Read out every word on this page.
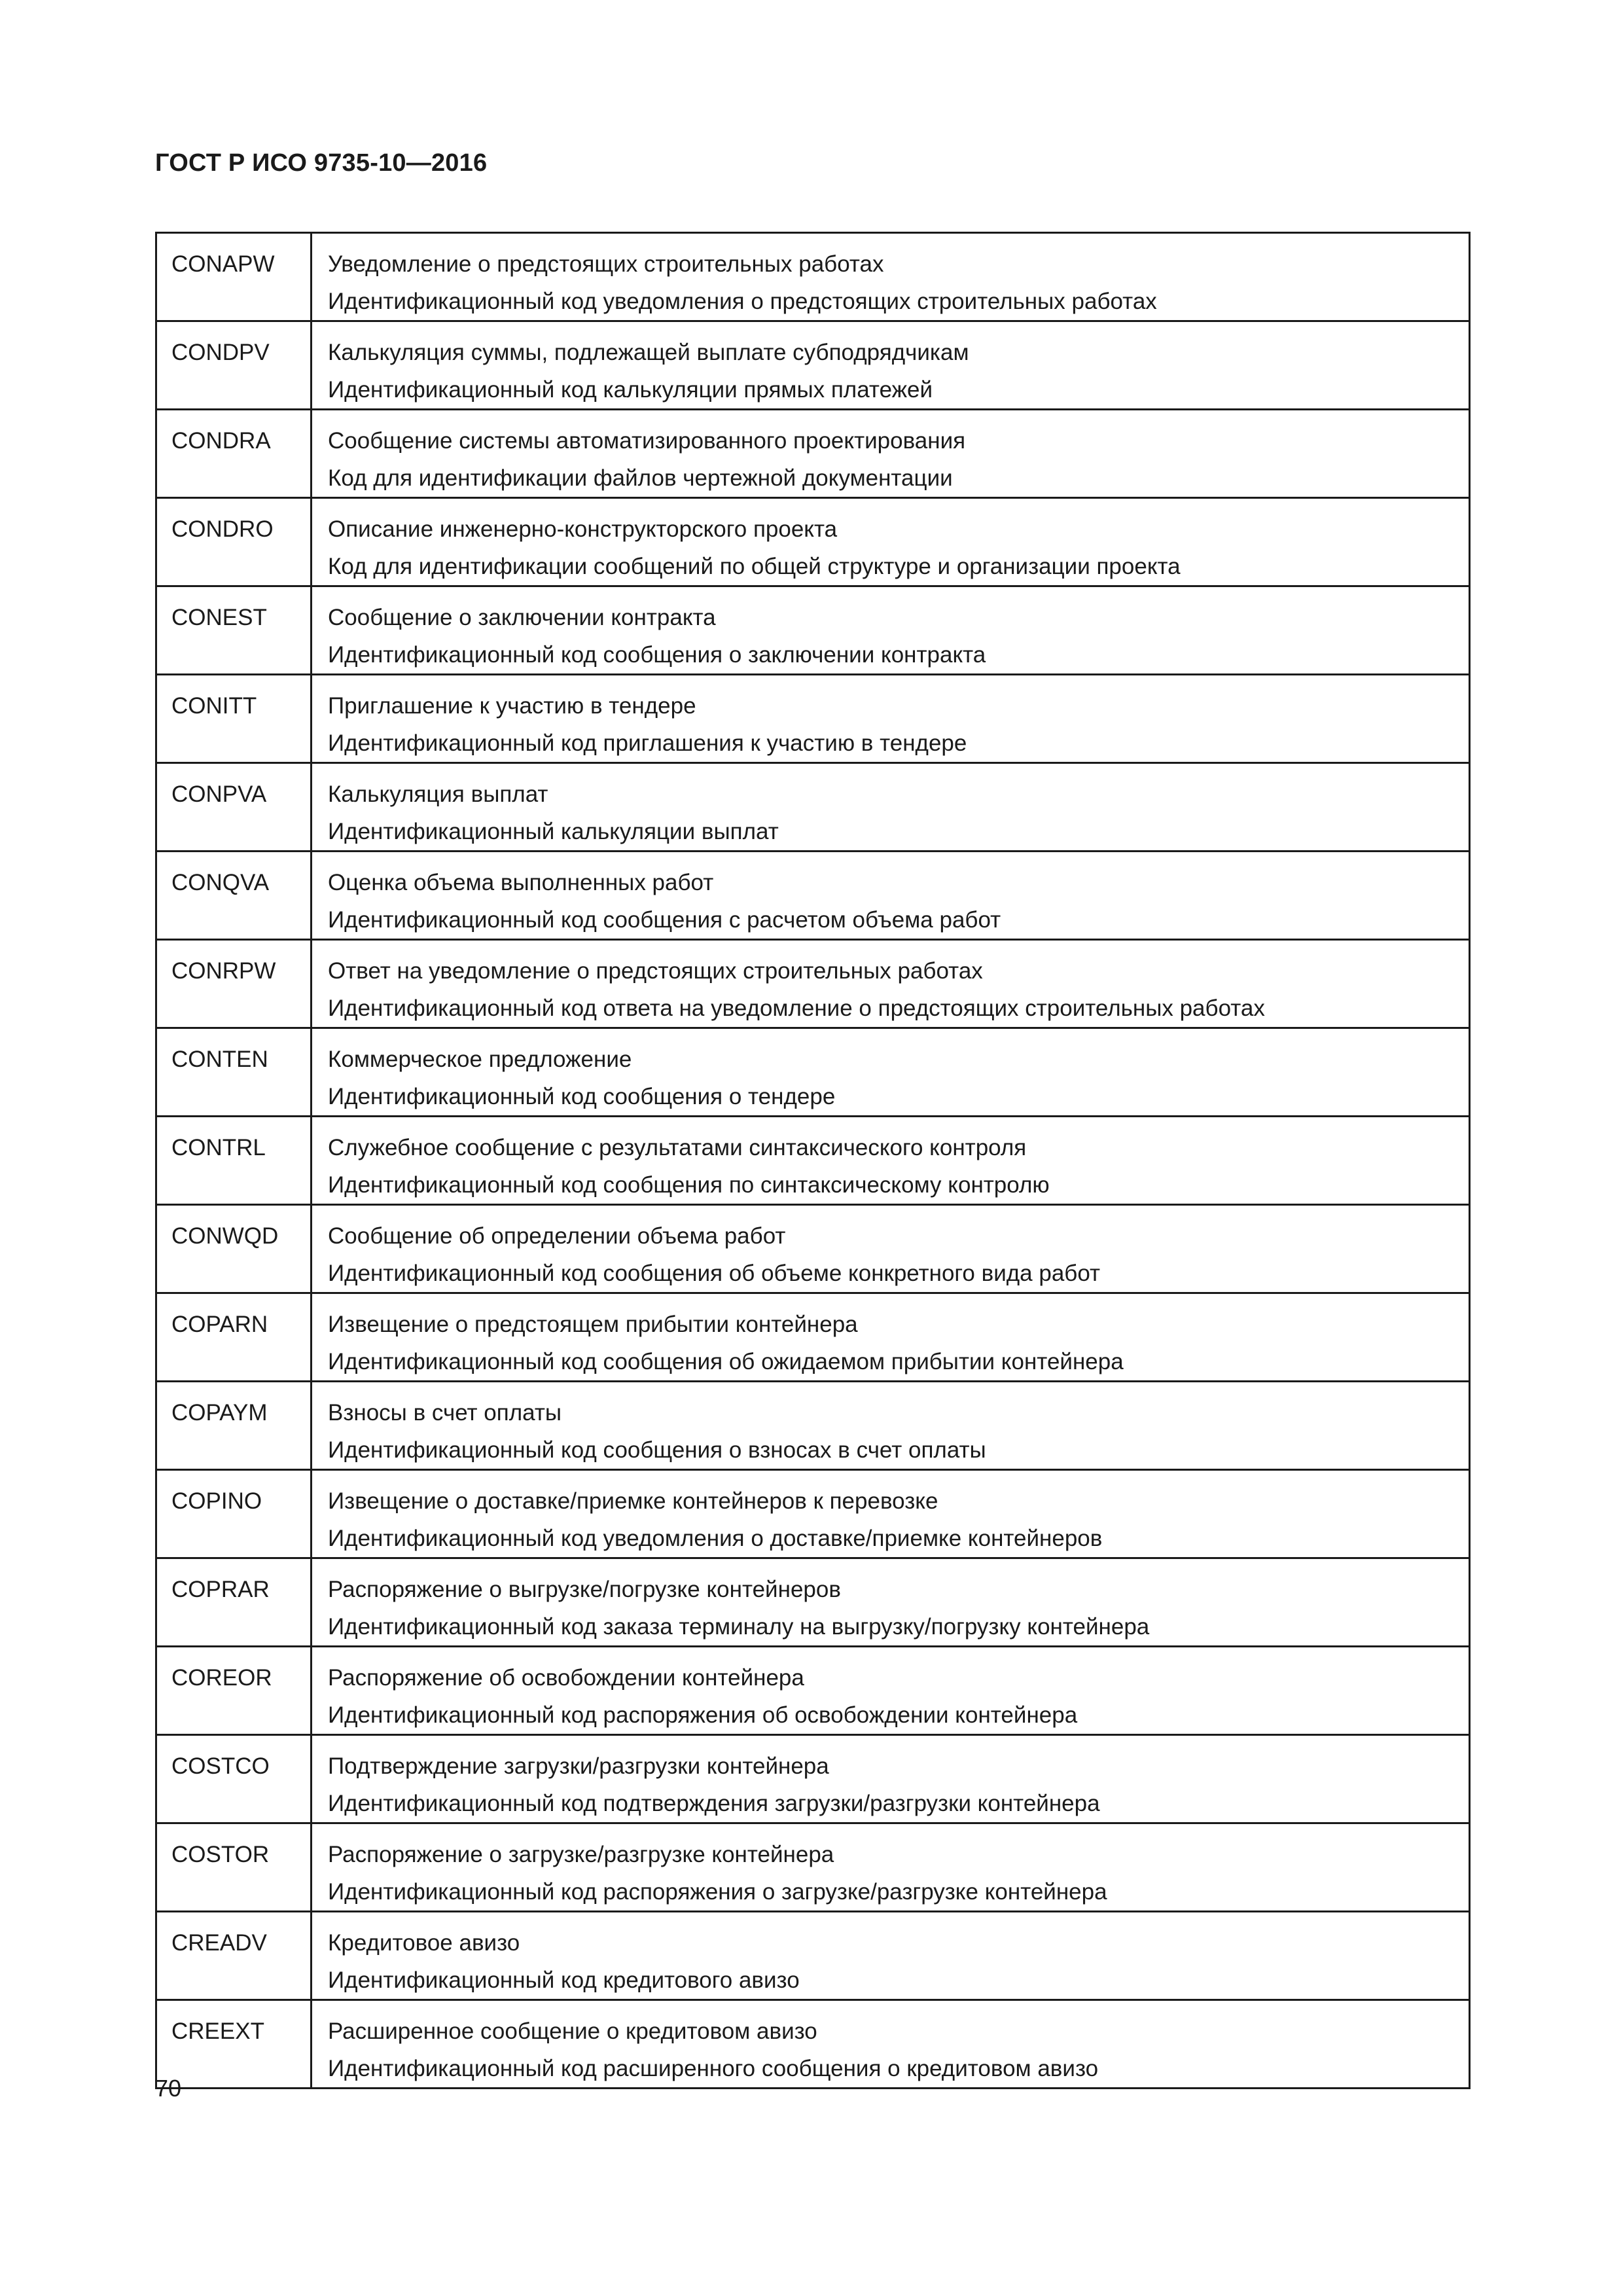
ГОСТ Р ИСО 9735-10—2016
CONAPW	Уведомление о предстоящих строительных работах
Идентификационный код уведомления о предстоящих строительных работах

CONDPV	Калькуляция суммы, подлежащей выплате субподрядчикам
Идентификационный код калькуляции прямых платежей

CONDRA	Сообщение системы автоматизированного проектирования
Код для идентификации файлов чертежной документации

CONDRO	Описание инженерно-конструкторского проекта
Код для идентификации сообщений по общей структуре и организации проекта

CONEST	Сообщение о заключении контракта
Идентификационный код сообщения о заключении контракта

CONITT	Приглашение к участию в тендере
Идентификационный код приглашения к участию в тендере

CONPVA	Калькуляция выплат
Идентификационный калькуляции выплат

CONQVA	Оценка объема выполненных работ
Идентификационный код сообщения с расчетом объема работ

CONRPW	Ответ на уведомление о предстоящих строительных работах
Идентификационный код ответа на уведомление о предстоящих строительных работах

CONTEN	Коммерческое предложение
Идентификационный код сообщения о тендере

CONTRL	Служебное сообщение с результатами синтаксического контроля
Идентификационный код сообщения по синтаксическому контролю

CONWQD	Сообщение об определении объема работ
Идентификационный код сообщения об объеме конкретного вида работ

COPARN	Извещение о предстоящем прибытии контейнера
Идентификационный код сообщения об ожидаемом прибытии контейнера

COPAYM	Взносы в счет оплаты
Идентификационный код сообщения о взносах в счет оплаты

COPINO	Извещение о доставке/приемке контейнеров к перевозке
Идентификационный код уведомления о доставке/приемке контейнеров

COPRAR	Распоряжение о выгрузке/погрузке контейнеров
Идентификационный код заказа терминалу на выгрузку/погрузку контейнера

COREOR	Распоряжение об освобождении контейнера
Идентификационный код распоряжения об освобождении контейнера

COSTCO	Подтверждение загрузки/разгрузки контейнера
Идентификационный код подтверждения загрузки/разгрузки контейнера

COSTOR	Распоряжение о загрузке/разгрузке контейнера
Идентификационный код распоряжения о загрузке/разгрузке контейнера

CREADV	Кредитовое авизо
Идентификационный код кредитового авизо

CREEXT	Расширенное сообщение о кредитовом авизо
Идентификационный код расширенного сообщения о кредитовом авизо
70
